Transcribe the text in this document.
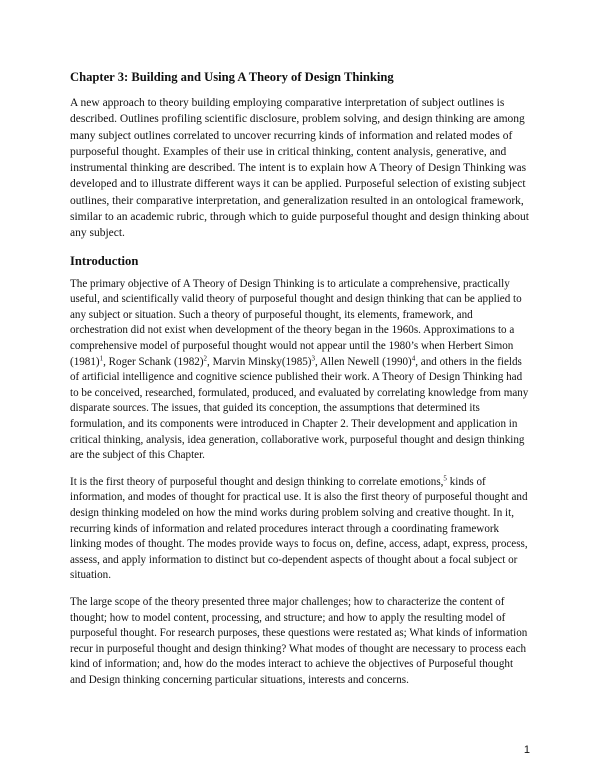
Chapter 3: Building and Using A Theory of Design Thinking

A new approach to theory building employing comparative interpretation of subject outlines is described. Outlines profiling scientific disclosure, problem solving, and design thinking are among many subject outlines correlated to uncover recurring kinds of information and related modes of purposeful thought. Examples of their use in critical thinking, content analysis, generative, and instrumental thinking are described. The intent is to explain how A Theory of Design Thinking was developed and to illustrate different ways it can be applied. Purposeful selection of existing subject outlines, their comparative interpretation, and generalization resulted in an ontological framework, similar to an academic rubric, through which to guide purposeful thought and design thinking about any subject.

Introduction

The primary objective of A Theory of Design Thinking is to articulate a comprehensive, practically useful, and scientifically valid theory of purposeful thought and design thinking that can be applied to any subject or situation. Such a theory of purposeful thought, its elements, framework, and orchestration did not exist when development of the theory began in the 1960s. Approximations to a comprehensive model of purposeful thought would not appear until the 1980’s when Herbert Simon $(1981)^1$, Roger Schank $(1982)^2$, Marvin $Minsky(1985)^3$, Allen Newell $(1990)^4$, and others in the fields of artificial intelligence and cognitive science published their work. A Theory of Design Thinking had to be conceived, researched, formulated, produced, and evaluated by correlating knowledge from many disparate sources. The issues, that guided its conception, the assumptions that determined its formulation, and its components were introduced in Chapter 2. Their development and application in critical thinking, analysis, idea generation, collaborative work, purposeful thought and design thinking are the subject of this Chapter.

It is the first theory of purposeful thought and design thinking to correlate emotions,$^5$ kinds of information, and modes of thought for practical use. It is also the first theory of purposeful thought and design thinking modeled on how the mind works during problem solving and creative thought. In it, recurring kinds of information and related procedures interact through a coordinating framework linking modes of thought. The modes provide ways to focus on, define, access, adapt, express, process, assess, and apply information to distinct but co-dependent aspects of thought about a focal subject or situation.

The large scope of the theory presented three major challenges; how to characterize the content of thought; how to model content, processing, and structure; and how to apply the resulting model of purposeful thought. For research purposes, these questions were restated as; What kinds of information recur in purposeful thought and design thinking? What modes of thought are necessary to process each kind of information; and, how do the modes interact to achieve the objectives of Purposeful thought and Design thinking concerning particular situations, interests and concerns.

1
